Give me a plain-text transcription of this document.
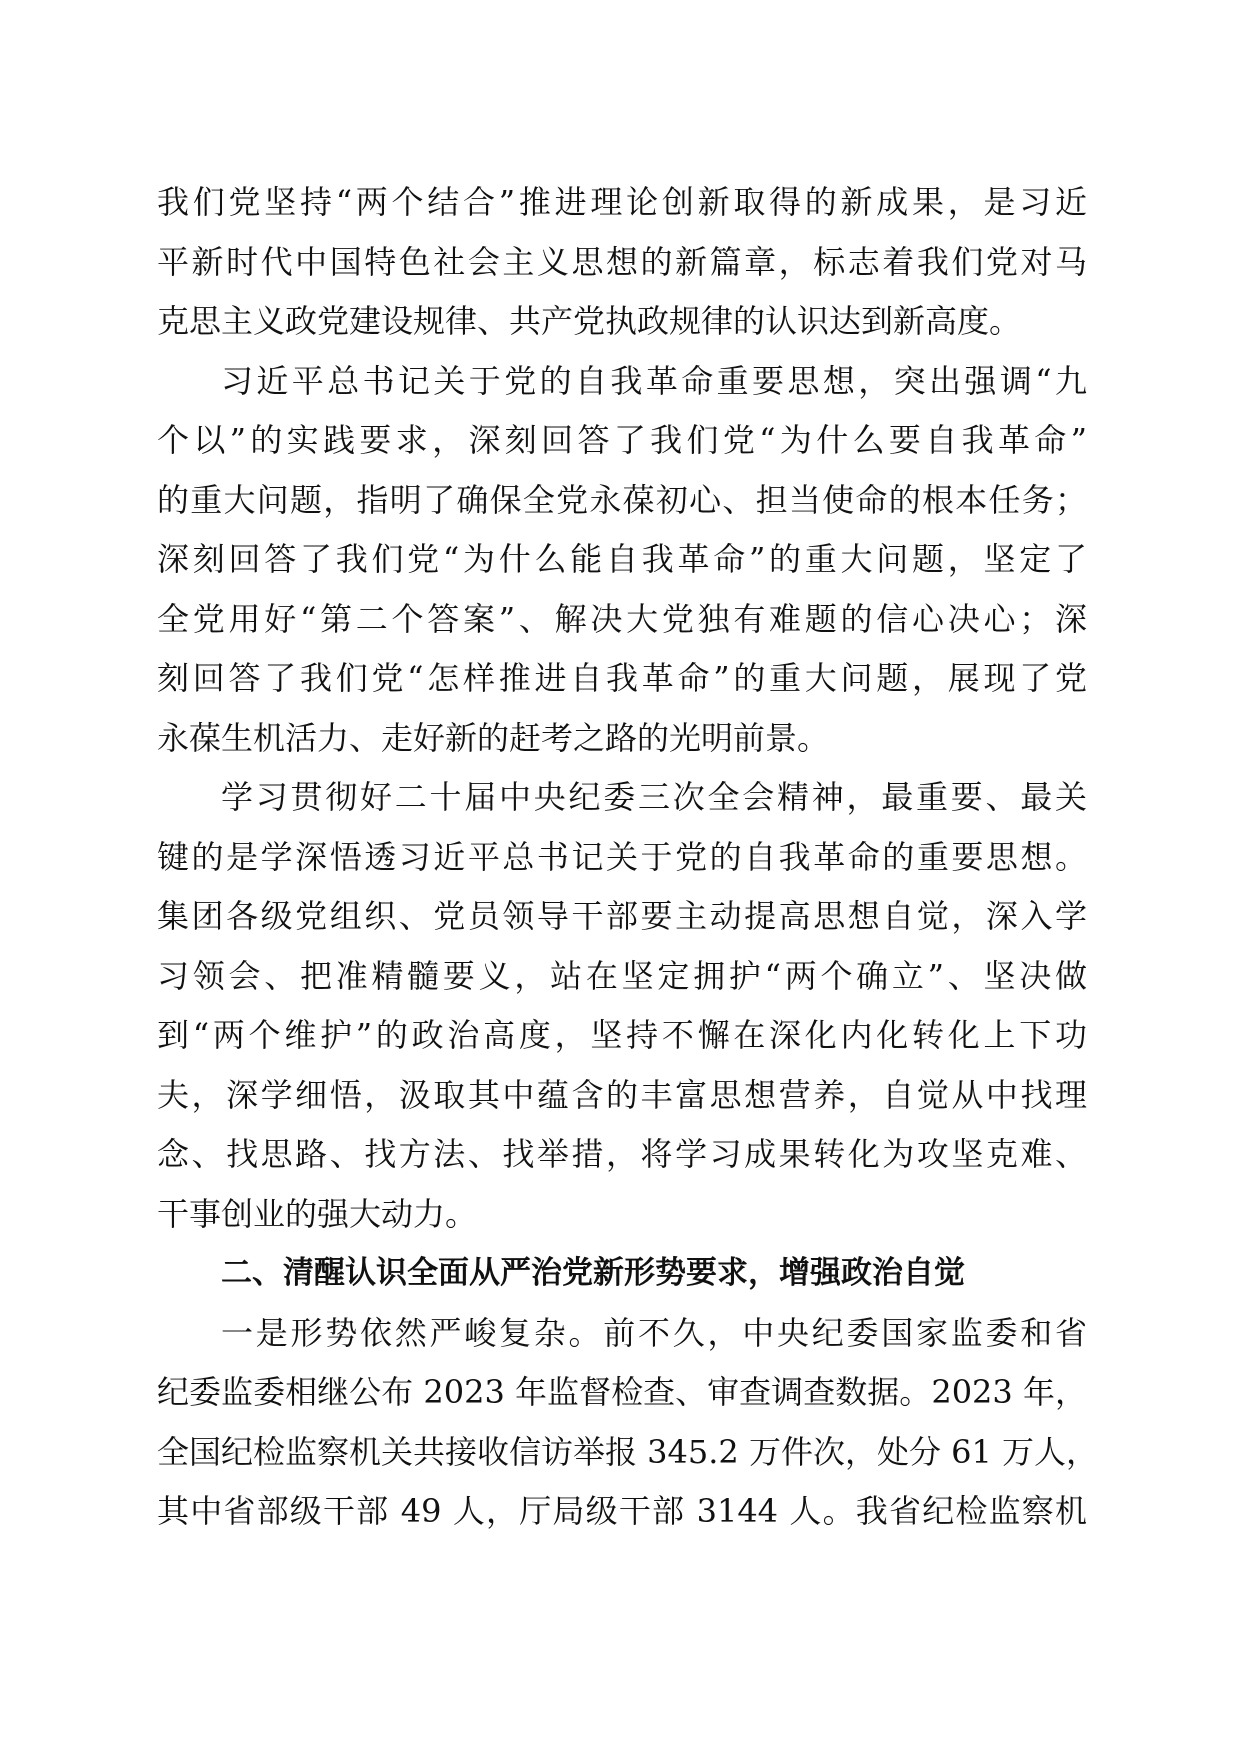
我们党坚持“两个结合”推进理论创新取得的新成果，是习近
平新时代中国特色社会主义思想的新篇章，标志着我们党对马
克思主义政党建设规律、共产党执政规律的认识达到新高度。
习近平总书记关于党的自我革命重要思想，突出强调“九
个以”的实践要求，深刻回答了我们党“为什么要自我革命”
的重大问题，指明了确保全党永葆初心、担当使命的根本任务；
深刻回答了我们党“为什么能自我革命”的重大问题，坚定了
全党用好“第二个答案”、解决大党独有难题的信心决心；深
刻回答了我们党“怎样推进自我革命”的重大问题，展现了党
永葆生机活力、走好新的赶考之路的光明前景。
学习贯彻好二十届中央纪委三次全会精神，最重要、最关
键的是学深悟透习近平总书记关于党的自我革命的重要思想。
集团各级党组织、党员领导干部要主动提高思想自觉，深入学
习领会、把准精髓要义，站在坚定拥护“两个确立”、坚决做
到“两个维护”的政治高度，坚持不懈在深化内化转化上下功
夫，深学细悟，汲取其中蕴含的丰富思想营养，自觉从中找理
念、找思路、找方法、找举措，将学习成果转化为攻坚克难、
干事创业的强大动力。
二、清醒认识全面从严治党新形势要求，增强政治自觉
一是形势依然严峻复杂。前不久，中央纪委国家监委和省
纪委监委相继公布 2023 年监督检查、审查调查数据。2023 年，
全国纪检监察机关共接收信访举报 345.2 万件次，处分 61 万人，
其中省部级干部 49 人，厅局级干部 3144 人。我省纪检监察机
